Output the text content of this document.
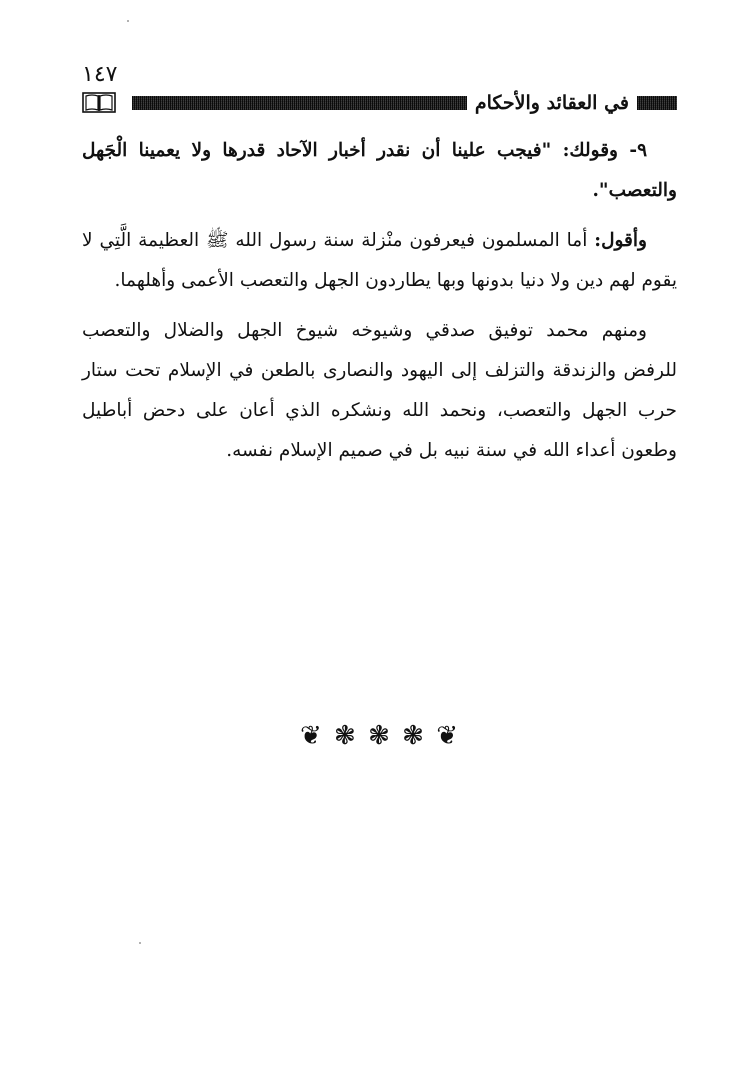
١٤٧
في العقائد والأحكام

٩- وقولك: "فيجب علينا أن نقدر أخبار الآحاد قدرها ولا يعمينا الْجَهل والتعصب".

وأقول: أما المسلمون فيعرفون منْزلة سنة رسول الله ﷺ العظيمة الَّتِي لا يقوم لهم دين ولا دنيا بدونها وبها يطاردون الجهل والتعصب الأعمى وأهلهما.

ومنهم محمد توفيق صدقي وشيوخه شيوخ الجهل والضلال والتعصب للرفض والزندقة والتزلف إلى اليهود والنصارى بالطعن في الإسلام تحت ستار حرب الجهل والتعصب، ونحمد الله ونشكره الذي أعان على دحض أباطيل وطعون أعداء الله في سنة نبيه بل في صميم الإسلام نفسه.

❦ ❃ ❃ ❃ ❦
